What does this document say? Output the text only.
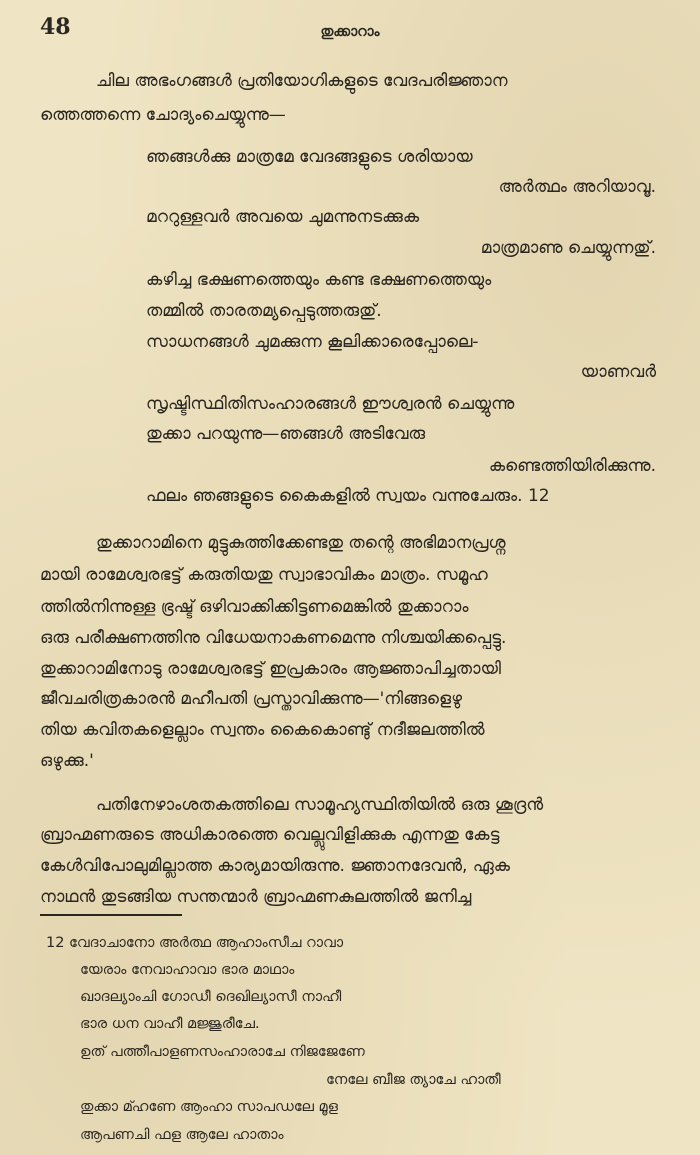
48	തുക്കാറാം
ചില അഭംഗങ്ങൾ പ്രതിയോഗികളുടെ വേദപരിജ്ഞാന
ത്തെത്തന്നെ ചോദ്യംചെയ്യുന്നു—
ഞങ്ങൾക്കു മാത്രമേ വേദങ്ങളുടെ ശരിയായ
അർത്ഥം അറിയാവൂ.
മററുള്ളവർ അവയെ ചുമന്നുനടക്കുക
മാത്രമാണു ചെയ്യുന്നതു്.
കഴിച്ച ഭക്ഷണത്തെയും കണ്ട ഭക്ഷണത്തെയും
തമ്മിൽ താരതമ്യപ്പെടുത്തരുതു്.
സാധനങ്ങൾ ചുമക്കുന്ന കൂലിക്കാരെപ്പോലെ-
യാണവർ
സൃഷ്ടിസ്ഥിതിസംഹാരങ്ങൾ ഈശ്വരൻ ചെയ്യുന്നു
തുക്കാ പറയുന്നു—ഞങ്ങൾ അടിവേരു
കണ്ടെത്തിയിരിക്കുന്നു.
ഫലം ഞങ്ങളുടെ കൈകളിൽ സ്വയം വന്നുചേരും. 12
തുക്കാറാമിനെ മുട്ടുകുത്തിക്കേണ്ടതു തന്റെ അഭിമാനപ്രശ്ന
മായി രാമേശ്വരഭട്ട് കരുതിയതു സ്വാഭാവികം മാത്രം. സമൂഹ
ത്തിൽനിന്നുള്ള ഭ്രഷ്ട് ഒഴിവാക്കിക്കിട്ടണമെങ്കിൽ തുക്കാറാം
ഒരു പരീക്ഷണത്തിനു വിധേയനാകണമെന്നു നിശ്ചയിക്കപ്പെട്ടു.
തുക്കാറാമിനോടു രാമേശ്വരഭട്ട് ഇപ്രകാരം ആജ്ഞാപിച്ചതായി
ജീവചരിത്രകാരൻ മഹീപതി പ്രസ്താവിക്കുന്നു—'നിങ്ങളെഴു
തിയ കവിതകളെല്ലാം സ്വന്തം കൈകൊണ്ടു് നദീജലത്തിൽ
ഒഴുക്കു.'
പതിനേഴാംശതകത്തിലെ സാമൂഹ്യസ്ഥിതിയിൽ ഒരു ശൂദ്രൻ
ബ്രാഹ്മണരുടെ അധികാരത്തെ വെല്ലുവിളിക്കുക എന്നതു കേട്ട
കേൾവിപോലുമില്ലാത്ത കാര്യമായിരുന്നു. ജ്ഞാനദേവൻ, ഏക
നാഥൻ തുടങ്ങിയ സന്തന്മാർ ബ്രാഹ്മണകുലത്തിൽ ജനിച്ച
12 വേദാചാനോ അർത്ഥ ആഹാംസീച റാവാ
യേരാം നേവാഹാവാ ഭാര മാഥാം
ഖാദല്യാംചി ഗോഡീ ദെഖില്യാസീ നാഹീ
ഭാര ധന വാഹീ മജ്ജുരീചേ.
ഉത് പത്തീപാളണസംഹാരാചേ നിജജേണേ
നേലേ ബീജ ത്യാചേ ഹാതീ
തുക്കാ മ്ഹണേ ആംഹാ സാപഡലേ മൂള
ആപണചി ഫള ആലേ ഹാതാം
